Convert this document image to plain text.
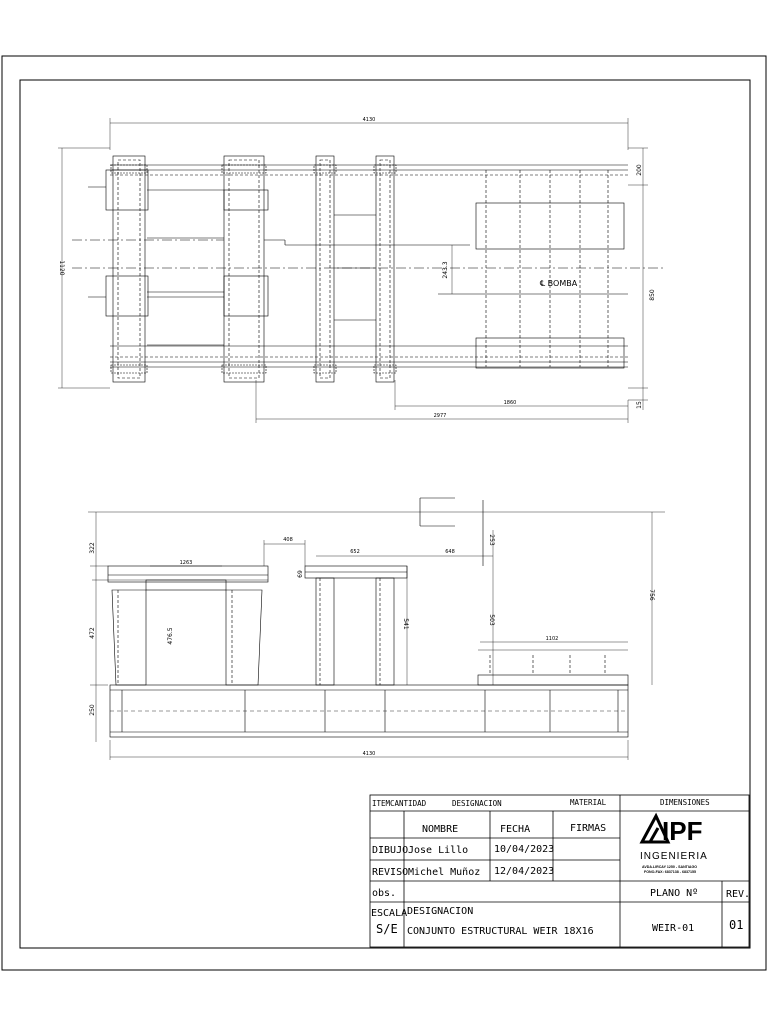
4130
1120
200
243.3
850
15
1860
2977
℄ BOMBA
322
472	476.5
250
1263
408
69
652	648
253
541	503
756
1102
4130
ITEM CANTIDAD	DESIGNACION	MATERIAL	DIMENSIONES
NOMBRE	FECHA	FIRMAS
DIBUJO Jose Lillo	10/04/2023
REVISO Michel Muñoz 12/04/2023
obs.	PLANO Nº	REV.
ESCALA
S/E
DESIGNACION
CONJUNTO ESTRUCTURAL WEIR 18X16	WEIR-01	01
IPF
INGENIERIA
AVDA.LIRCAY 1250 - SANTIAGO
FONO-FAX: 6837138 - 6837155
